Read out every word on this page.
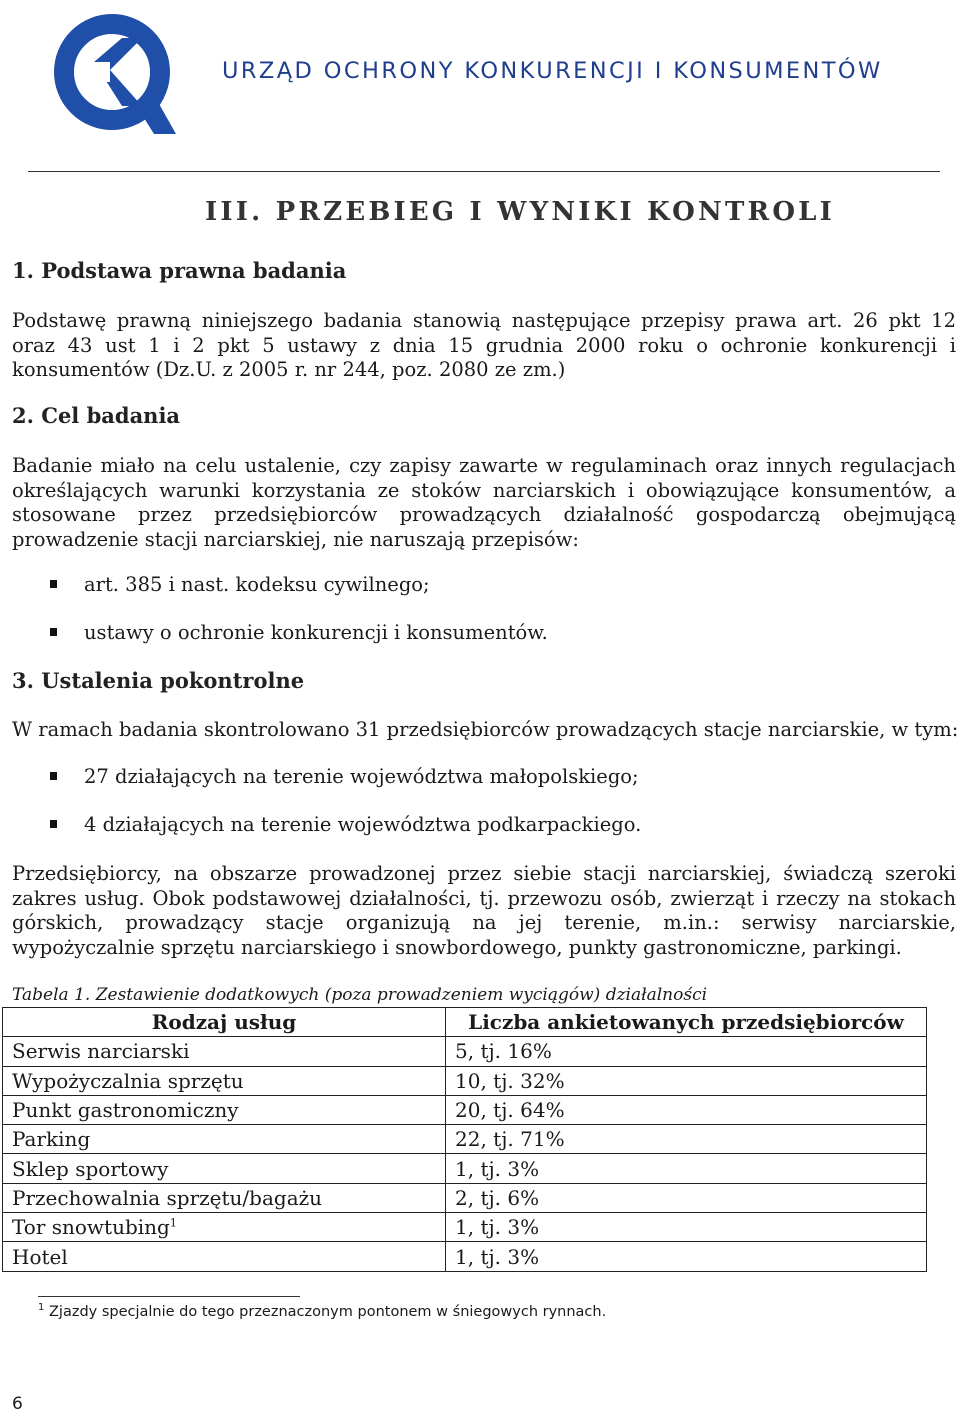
URZĄD OCHRONY KONKURENCJI I KONSUMENTÓW
III. PRZEBIEG I WYNIKI KONTROLI
1. Podstawa prawna badania
Podstawę prawną niniejszego badania stanowią następujące przepisy prawa art. 26 pkt 12 oraz 43 ust 1 i 2 pkt 5 ustawy z dnia 15 grudnia 2000 roku o ochronie konkurencji i konsumentów (Dz.U. z 2005 r. nr 244, poz. 2080 ze zm.)
2. Cel badania
Badanie miało na celu ustalenie, czy zapisy zawarte w regulaminach oraz innych regulacjach określających warunki korzystania ze stoków narciarskich i obowiązujące konsumentów, a stosowane przez przedsiębiorców prowadzących działalność gospodarczą obejmującą prowadzenie stacji narciarskiej, nie naruszają przepisów:
art. 385 i nast. kodeksu cywilnego;
ustawy o ochronie konkurencji i konsumentów.
3. Ustalenia pokontrolne
W ramach badania skontrolowano 31 przedsiębiorców prowadzących stacje narciarskie, w tym:
27 działających na terenie województwa małopolskiego;
4 działających na terenie województwa podkarpackiego.
Przedsiębiorcy, na obszarze prowadzonej przez siebie stacji narciarskiej, świadczą szeroki zakres usług. Obok podstawowej działalności, tj. przewozu osób, zwierząt i rzeczy na stokach górskich, prowadzący stacje organizują na jej terenie, m.in.: serwisy narciarskie, wypożyczalnie sprzętu narciarskiego i snowbordowego, punkty gastronomiczne, parkingi.
Tabela 1. Zestawienie dodatkowych (poza prowadzeniem wyciągów) działalności
Rodzaj usług	Liczba ankietowanych przedsiębiorców
Serwis narciarski	5, tj. 16%
Wypożyczalnia sprzętu	10, tj. 32%
Punkt gastronomiczny	20, tj. 64%
Parking	22, tj. 71%
Sklep sportowy	1, tj. 3%
Przechowalnia sprzętu/bagażu	2, tj. 6%
Tor snowtubing$^1$	1, tj. 3%
Hotel	1, tj. 3%
$^1$ Zjazdy specjalnie do tego przeznaczonym pontonem w śniegowych rynnach.
6
